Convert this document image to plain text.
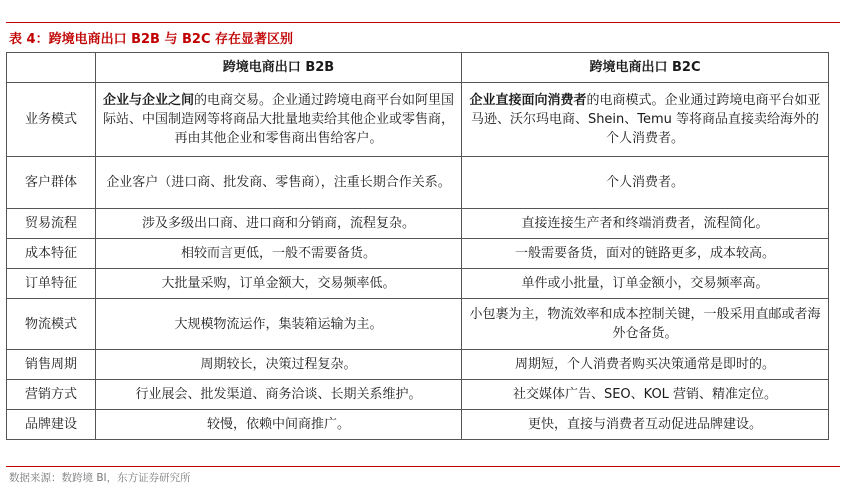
表 4：跨境电商出口 B2B 与 B2C 存在显著区别
	跨境电商出口 B2B	跨境电商出口 B2C
业务模式	企业与企业之间的电商交易。企业通过跨境电商平台如阿里国际站、中国制造网等将商品大批量地卖给其他企业或零售商，再由其他企业和零售商出售给客户。	企业直接面向消费者的电商模式。企业通过跨境电商平台如亚马逊、沃尔玛电商、Shein、Temu 等将商品直接卖给海外的个人消费者。
客户群体	企业客户（进口商、批发商、零售商），注重长期合作关系。	个人消费者。
贸易流程	涉及多级出口商、进口商和分销商，流程复杂。	直接连接生产者和终端消费者，流程简化。
成本特征	相较而言更低，一般不需要备货。	一般需要备货，面对的链路更多，成本较高。
订单特征	大批量采购，订单金额大，交易频率低。	单件或小批量，订单金额小，交易频率高。
物流模式	大规模物流运作，集装箱运输为主。	小包裹为主，物流效率和成本控制关键，一般采用直邮或者海外仓备货。
销售周期	周期较长，决策过程复杂。	周期短，个人消费者购买决策通常是即时的。
营销方式	行业展会、批发渠道、商务洽谈、长期关系维护。	社交媒体广告、SEO、KOL 营销、精准定位。
品牌建设	较慢，依赖中间商推广。	更快，直接与消费者互动促进品牌建设。
数据来源：数跨境 BI，东方证券研究所
